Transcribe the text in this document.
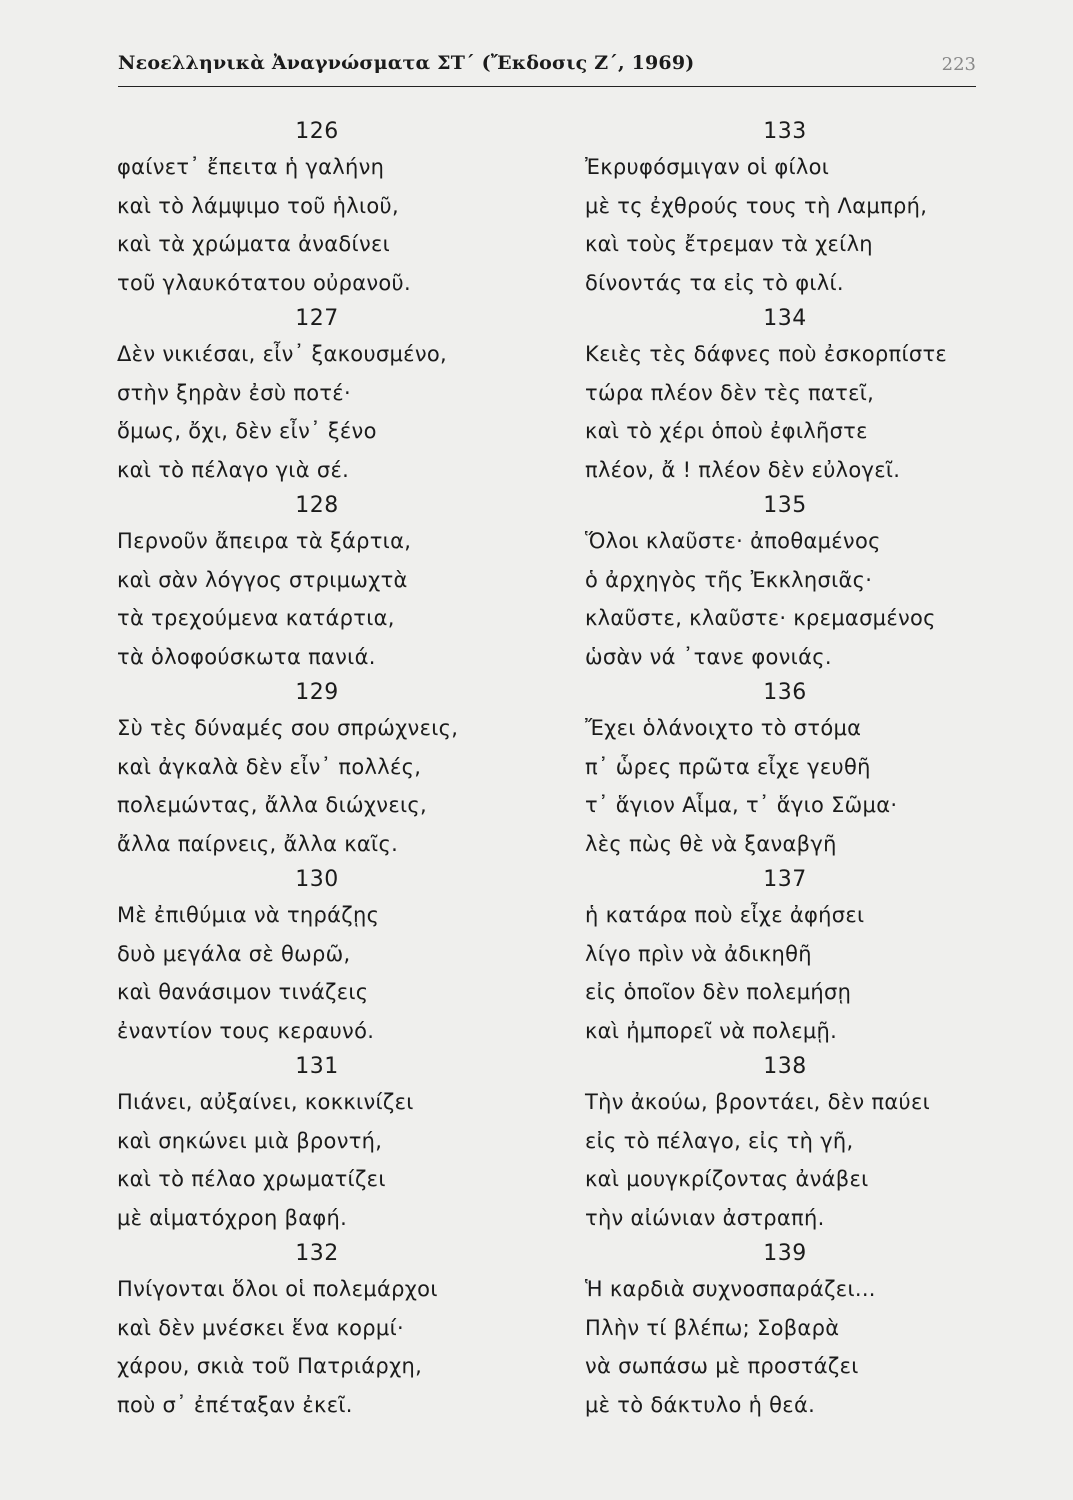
Νεοελληνικὰ Ἀναγνώσματα ΣΤ΄ (Ἔκδοσις Ζ΄, 1969)	223
126
φαίνετ᾽ ἔπειτα ἡ γαλήνη
καὶ τὸ λάμψιμο τοῦ ἡλιοῦ,
καὶ τὰ χρώματα ἀναδίνει
τοῦ γλαυκότατου οὐρανοῦ.
127
Δὲν νικιέσαι, εἶν᾽ ξακουσμένο,
στὴν ξηρὰν ἐσὺ ποτέ·
ὅμως, ὄχι, δὲν εἶν᾽ ξένο
καὶ τὸ πέλαγο γιὰ σέ.
128
Περνοῦν ἄπειρα τὰ ξάρτια,
καὶ σὰν λόγγος στριμωχτὰ
τὰ τρεχούμενα κατάρτια,
τὰ ὁλοφούσκωτα πανιά.
129
Σὺ τὲς δύναμές σου σπρώχνεις,
καὶ ἀγκαλὰ δὲν εἶν᾽ πολλές,
πολεμώντας, ἄλλα διώχνεις,
ἄλλα παίρνεις, ἄλλα καῖς.
130
Μὲ ἐπιθύμια νὰ τηράζῃς
δυὸ μεγάλα σὲ θωρῶ,
καὶ θανάσιμον τινάζεις
ἐναντίον τους κεραυνό.
131
Πιάνει, αὐξαίνει, κοκκινίζει
καὶ σηκώνει μιὰ βροντή,
καὶ τὸ πέλαο χρωματίζει
μὲ αἱματόχροη βαφή.
132
Πνίγονται ὅλοι οἱ πολεμάρχοι
καὶ δὲν μνέσκει ἕνα κορμί·
χάρου, σκιὰ τοῦ Πατριάρχη,
ποὺ σ᾽ ἐπέταξαν ἐκεῖ.
133
Ἐκρυφόσμιγαν οἱ φίλοι
μὲ τς ἐχθρούς τους τὴ Λαμπρή,
καὶ τοὺς ἔτρεμαν τὰ χείλη
δίνοντάς τα εἰς τὸ φιλί.
134
Κειὲς τὲς δάφνες ποὺ ἐσκορπίστε
τώρα πλέον δὲν τὲς πατεῖ,
καὶ τὸ χέρι ὁποὺ ἐφιλῆστε
πλέον, ἄ ! πλέον δὲν εὐλογεῖ.
135
Ὅλοι κλαῦστε· ἀποθαμένος
ὁ ἀρχηγὸς τῆς Ἐκκλησιᾶς·
κλαῦστε, κλαῦστε· κρεμασμένος
ὡσὰν νά ᾽τανε φονιάς.
136
Ἔχει ὁλάνοιχτο τὸ στόμα
π᾽ ὧρες πρῶτα εἶχε γευθῆ
τ᾽ ἅγιον Αἷμα, τ᾽ ἅγιο Σῶμα·
λὲς πὼς θὲ νὰ ξαναβγῆ
137
ἡ κατάρα ποὺ εἶχε ἀφήσει
λίγο πρὶν νὰ ἀδικηθῆ
εἰς ὁποῖον δὲν πολεμήσῃ
καὶ ἠμπορεῖ νὰ πολεμῇ.
138
Τὴν ἀκούω, βροντάει, δὲν παύει
εἰς τὸ πέλαγο, εἰς τὴ γῆ,
καὶ μουγκρίζοντας ἀνάβει
τὴν αἰώνιαν ἀστραπή.
139
Ἡ καρδιὰ συχνοσπαράζει...
Πλὴν τί βλέπω; Σοβαρὰ
νὰ σωπάσω μὲ προστάζει
μὲ τὸ δάκτυλο ἡ θεά.
